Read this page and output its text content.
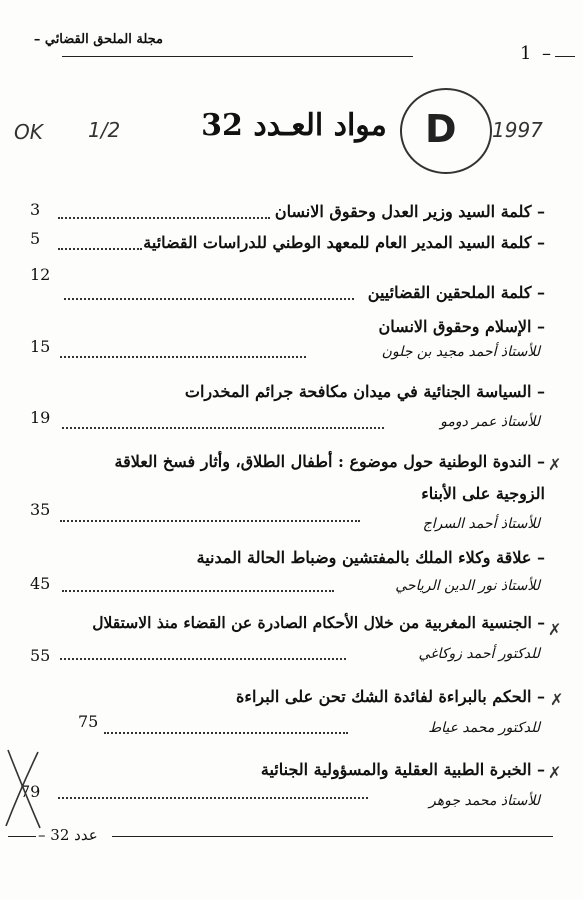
مجلة الملحق القضائي –
1 –
D
مواد العـدد 32	1997
OK 1/2
– كلمة السيد وزير العدل وحقوق الانسان
3
– كلمة السيد المدير العام للمعهد الوطني للدراسات القضائية
5
– كلمة الملحقين القضائيين
12
– الإسلام وحقوق الانسان
للأستاذ أحمد مجيد بن جلون
15
– السياسة الجنائية في ميدان مكافحة جرائم المخدرات
للأستاذ عمر دومو
19
✗
– الندوة الوطنية حول موضوع : أطفال الطلاق، وأثار فسخ العلاقة
الزوجية على الأبناء
للأستاذ أحمد السراج
35
– علاقة وكلاء الملك بالمفتشين وضباط الحالة المدنية
للأستاذ نور الدين الرياحي
45
✗
– الجنسية المغربية من خلال الأحكام الصادرة عن القضاء منذ الاستقلال
للدكتور أحمد زوكاغي
55
✗
– الحكم بالبراءة لفائدة الشك تحن على البراءة
للدكتور محمد عياط
75
✗
– الخبرة الطبية العقلية والمسؤولية الجنائية
للأستاذ محمد جوهر
79
عدد 32 –
